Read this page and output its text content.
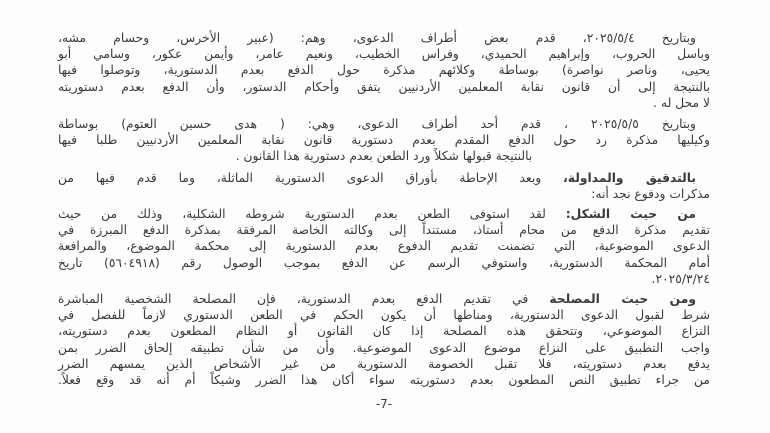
وبتاريخ ٢٠٢٥/٥/٤، قدم بعض أطراف الدعوى، وهم: (عبير الأخرس، وحسام مشه،
وباسل الحروب، وإبراهيم الحميدي، وفراس الخطيب، ونعيم عامر، وأيمن عكور، وسامي أبو
يحيى، وناصر نواصرة) بوساطة وكلائهم مذكرة حول الدفع بعدم الدستورية، وتوصلوا فيها
بالنتيجة إلى أن قانون نقابة المعلمين الأردنيين يتفق وأحكام الدستور، وأن الدفع بعدم دستوريته
لا محل له .
وبتاريخ ٢٠٢٥/٥/٥ ، قدم أحد أطراف الدعوى، وهي: ( هدى حسين العتوم) بوساطة
وكيليها مذكرة رد حول الدفع المقدم بعدم دستورية قانون نقابة المعلمين الأردنيين طلبا فيها
بالنتيجة قبولها شكلاً ورد الطعن بعدم دستورية هذا القانون .
بالتدقيق والمداولة، وبعد الإحاطة بأوراق الدعوى الدستورية الماثلة، وما قدم فيها من
مذكرات ودفوع نجد أنه:
من حيث الشكل: لقد استوفى الطعن بعدم الدستورية شروطه الشكلية، وذلك من حيث
تقديم مذكرة الدفع من محام أستاذ، مستنداً إلى وكالته الخاصة المرفقة بمذكرة الدفع المبرزة في
الدعوى الموضوعية، التي تضمنت تقديم الدفوع بعدم الدستورية إلى محكمة الموضوع، والمرافعة
أمام المحكمة الدستورية، واستوفي الرسم عن الدفع بموجب الوصول رقم (٥٦٠٤٩١٨) تاريخ
٢٠٢٥/٣/٢٤.
ومن حيث المصلحة في تقديم الدفع بعدم الدستورية، فإن المصلحة الشخصية المباشرة
شرط لقبول الدعوى الدستورية، ومناطها أن يكون الحكم في الطعن الدستوري لازماً للفصل في
النزاع الموضوعي، وتتحقق هذه المصلحة إذا كان القانون أو النظام المطعون بعدم دستوريته،
واجب التطبيق على النزاع موضوع الدعوى الموضوعية. وأن من شأن تطبيقه إلحاق الضرر بمن
يدفع بعدم دستوريته، فلا تقبل الخصومة الدستورية من غير الأشخاص الذين يمسهم الضرر
من جراء تطبيق النص المطعون بعدم دستوريته سواء أكان هذا الضرر وشيكاً أم أنه قد وقع فعلاً.
-7-
